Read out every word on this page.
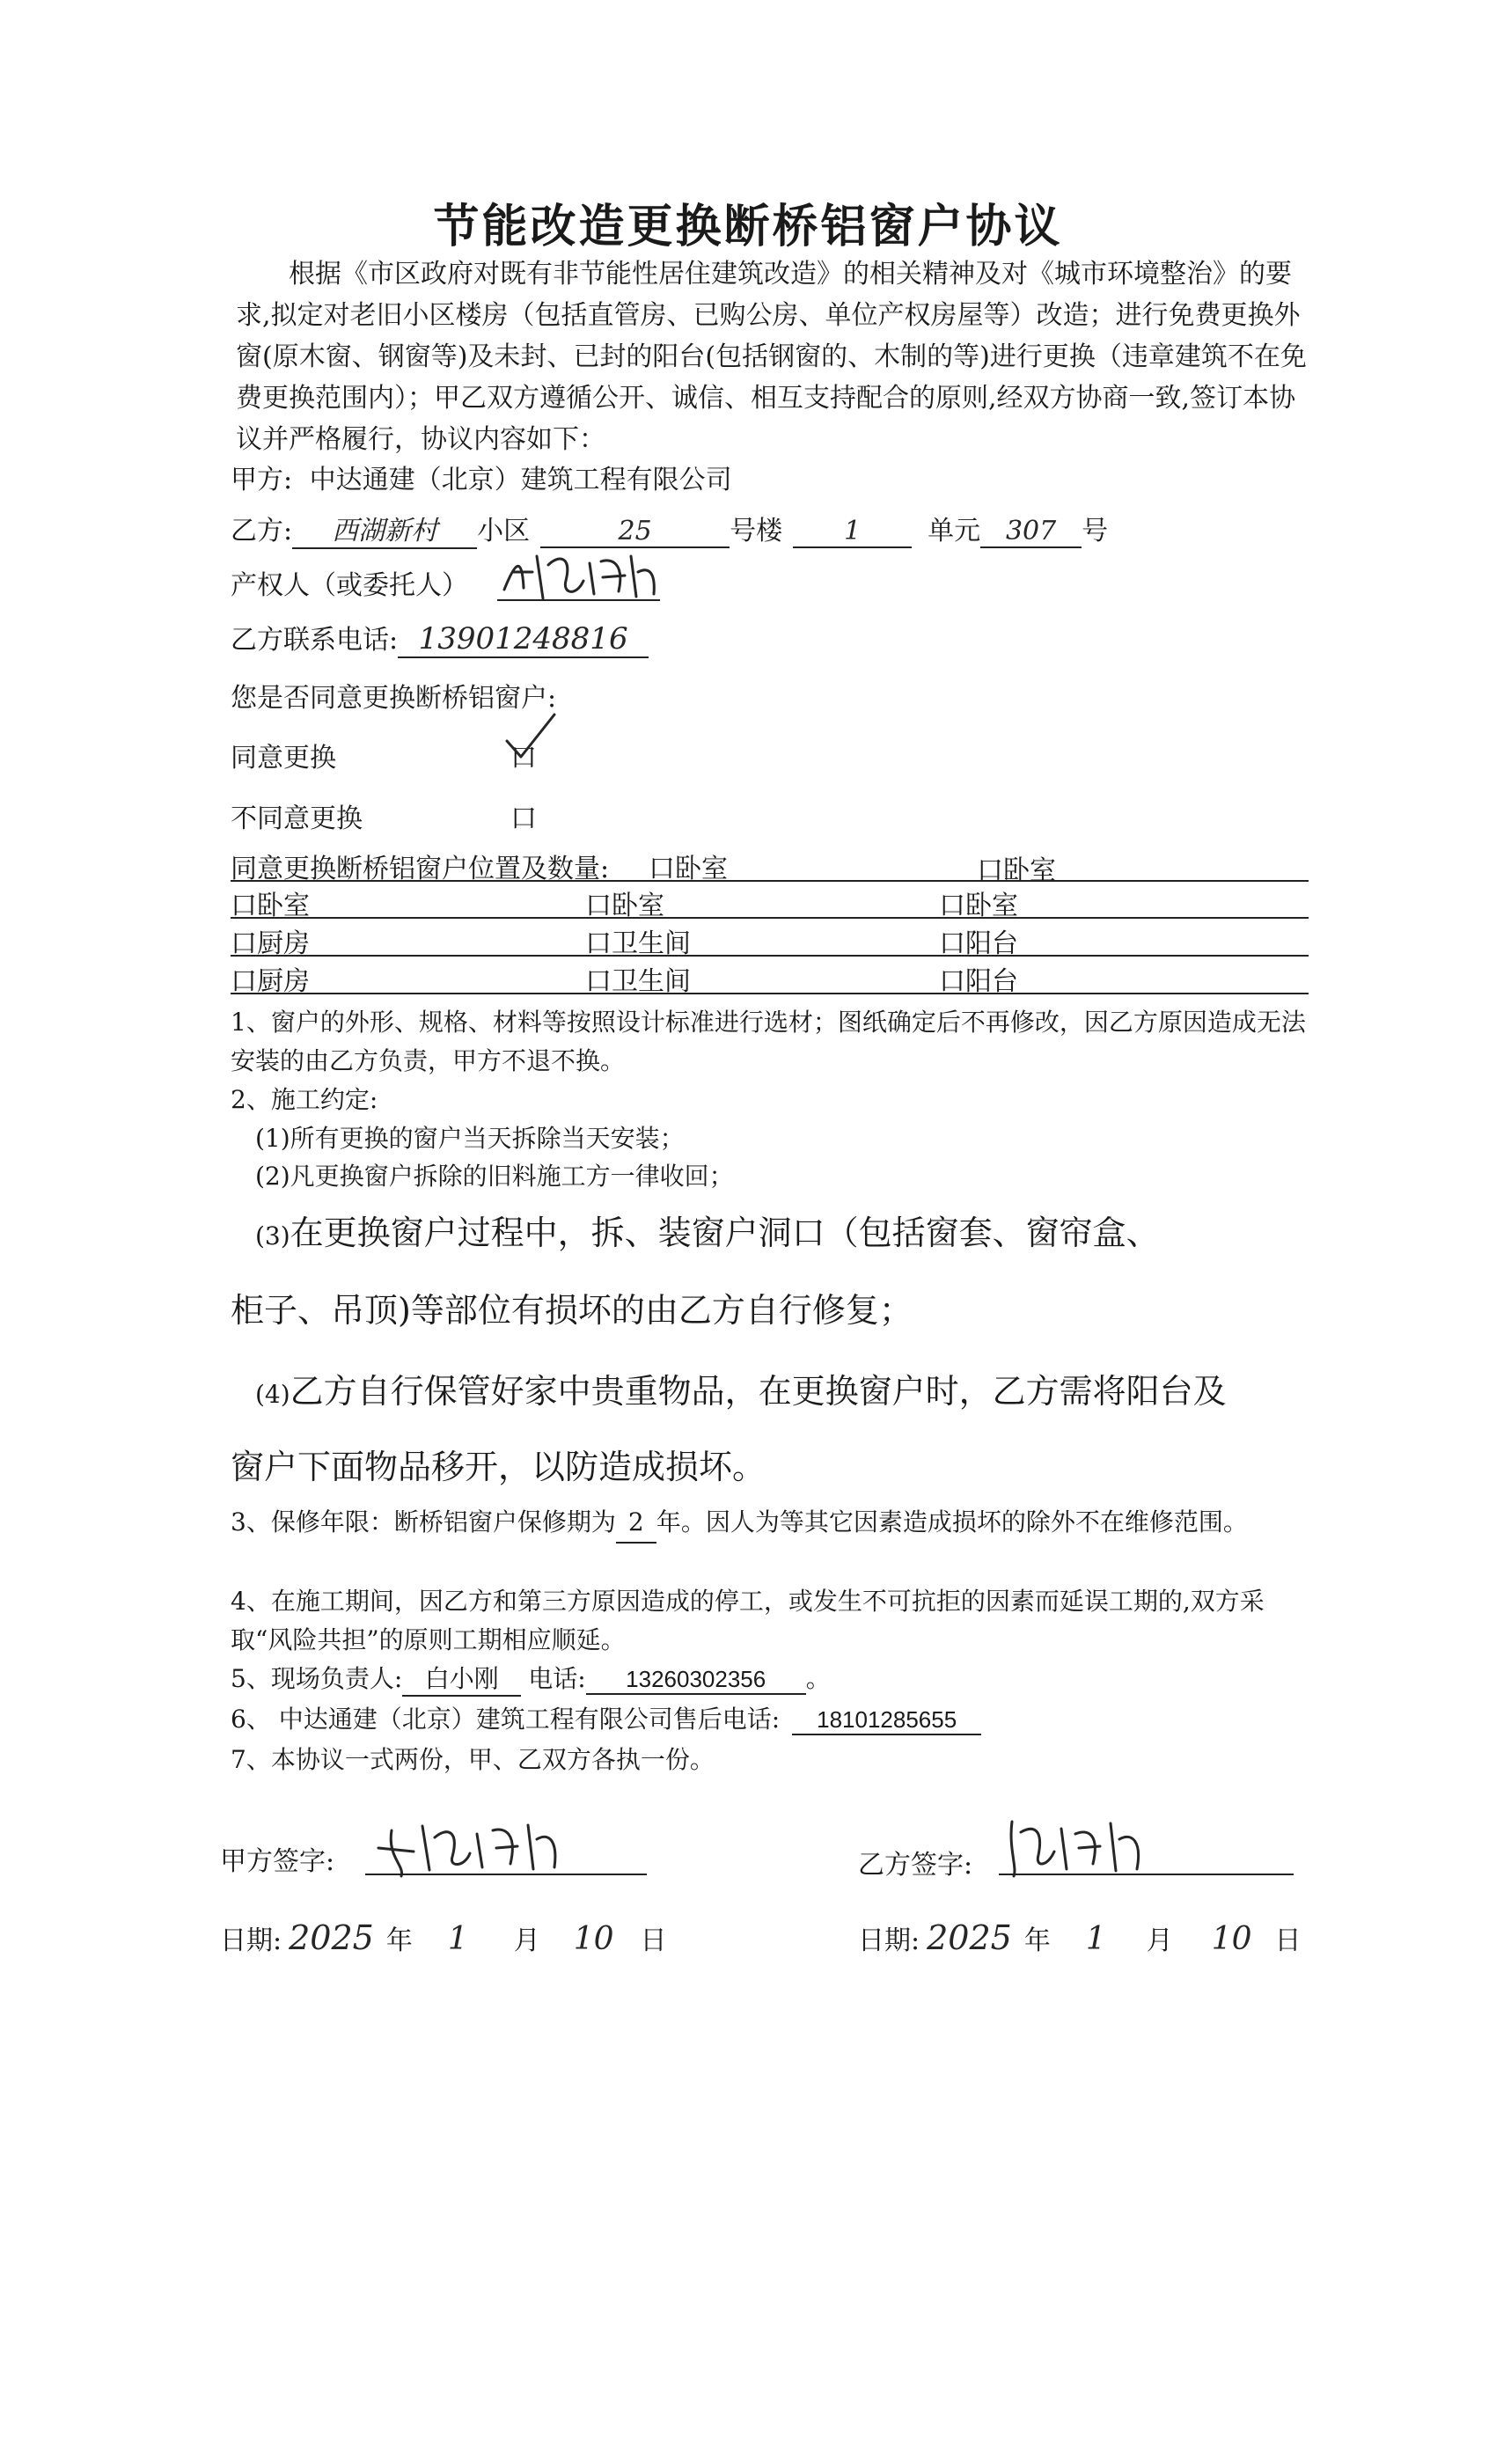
节能改造更换断桥铝窗户协议
根据《市区政府对既有非节能性居住建筑改造》的相关精神及对《城市环境整治》的要求,拟定对老旧小区楼房（包括直管房、已购公房、单位产权房屋等）改造；进行免费更换外窗(原木窗、钢窗等)及未封、已封的阳台(包括钢窗的、木制的等)进行更换（违章建筑不在免费更换范围内）；甲乙双方遵循公开、诚信、相互支持配合的原则,经双方协商一致,签订本协议并严格履行，协议内容如下：
甲方: 中达通建（北京）建筑工程有限公司
乙方: 西湖新村 小区	25	号楼 1	单元 307 号
产权人（或委托人）
乙方联系电话: 13901248816
您是否同意更换断桥铝窗户:
同意更换	口
不同意更换	口
同意更换断桥铝窗户位置及数量: 口卧室	口卧室
口卧室	口卧室	口卧室
口厨房	口卫生间	口阳台
口厨房	口卫生间	口阳台
1、窗户的外形、规格、材料等按照设计标准进行选材；图纸确定后不再修改，因乙方原因造成无法安装的由乙方负责，甲方不退不换。
2、施工约定:
(1)所有更换的窗户当天拆除当天安装；
(2)凡更换窗户拆除的旧料施工方一律收回；
(3)在更换窗户过程中，拆、装窗户洞口（包括窗套、窗帘盒、
柜子、吊顶)等部位有损坏的由乙方自行修复；
(4)乙方自行保管好家中贵重物品，在更换窗户时，乙方需将阳台及
窗户下面物品移开，以防造成损坏。
3、保修年限：断桥铝窗户保修期为 2 年。因人为等其它因素造成损坏的除外不在维修范围。
4、在施工期间，因乙方和第三方原因造成的停工，或发生不可抗拒的因素而延误工期的,双方采取“风险共担”的原则工期相应顺延。
5、现场负责人: 白小刚 电话: 13260302356 。
6、 中达通建（北京）建筑工程有限公司售后电话: 18101285655
7、本协议一式两份，甲、乙双方各执一份。
甲方签字:	乙方签字:
日期: 2025 年 1 月 10 日	日期: 2025 年 1 月 10 日
